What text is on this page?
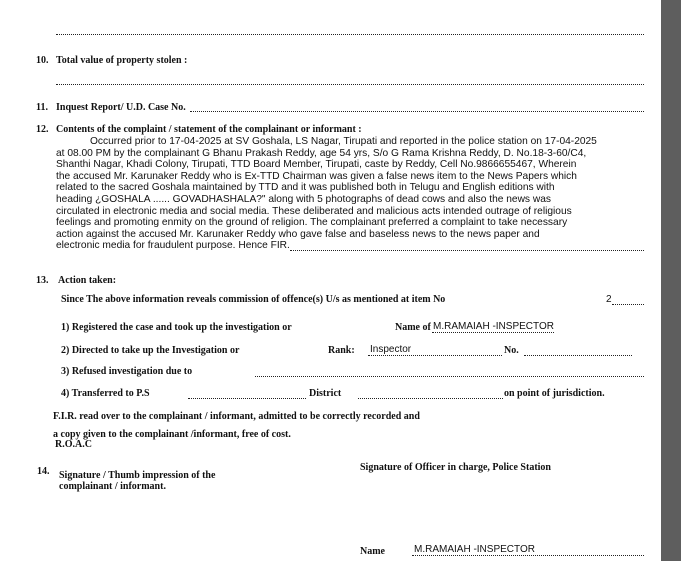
10. Total value of property stolen :
11. Inquest Report/ U.D. Case No.
12. Contents of the complaint / statement of the complainant or informant :

Occurred prior to 17-04-2025 at SV Goshala, LS Nagar, Tirupati and reported in the police station on 17-04-2025

at 08.00 PM by the complainant G Bhanu Prakash Reddy, age 54 yrs, S/o G Rama Krishna Reddy, D. No.18-3-60/C4,

Shanthi Nagar, Khadi Colony, Tirupati, TTD Board Member, Tirupati, caste by Reddy, Cell No.9866655467, Wherein

the accused Mr. Karunaker Reddy who is Ex-TTD Chairman was given a false news item to the News Papers which

related to the sacred Goshala maintained by TTD and it was published both in Telugu and English editions with

heading ¿GOSHALA ...... GOVADHASHALA?" along with 5 photographs of dead cows and also the news was

circulated in electronic media and social media. These deliberated and malicious acts intended outrage of religious

feelings and promoting enmity on the ground of religion. The complainant preferred a complaint to take necessary

action against the accused Mr. Karunaker Reddy who gave false and baseless news to the news paper and

electronic media for fraudulent purpose. Hence FIR.

13. Action taken:
Since The above information reveals commission of offence(s) U/s as mentioned at item No	2
1) Registered the case and took up the investigation or	Name of M.RAMAIAH -INSPECTOR
2) Directed to take up the Investigation or	Rank: Inspector	No.
3) Refused investigation due to
4) Transferred to P.S	District	on point of jurisdiction.
F.I.R. read over to the complainant / informant, admitted to be correctly recorded and
a copy given to the complainant /informant, free of cost.
R.O.A.C
14. Signature / Thumb impression of the
complainant / informant.
Signature of Officer in charge, Police Station
Name	M.RAMAIAH -INSPECTOR
